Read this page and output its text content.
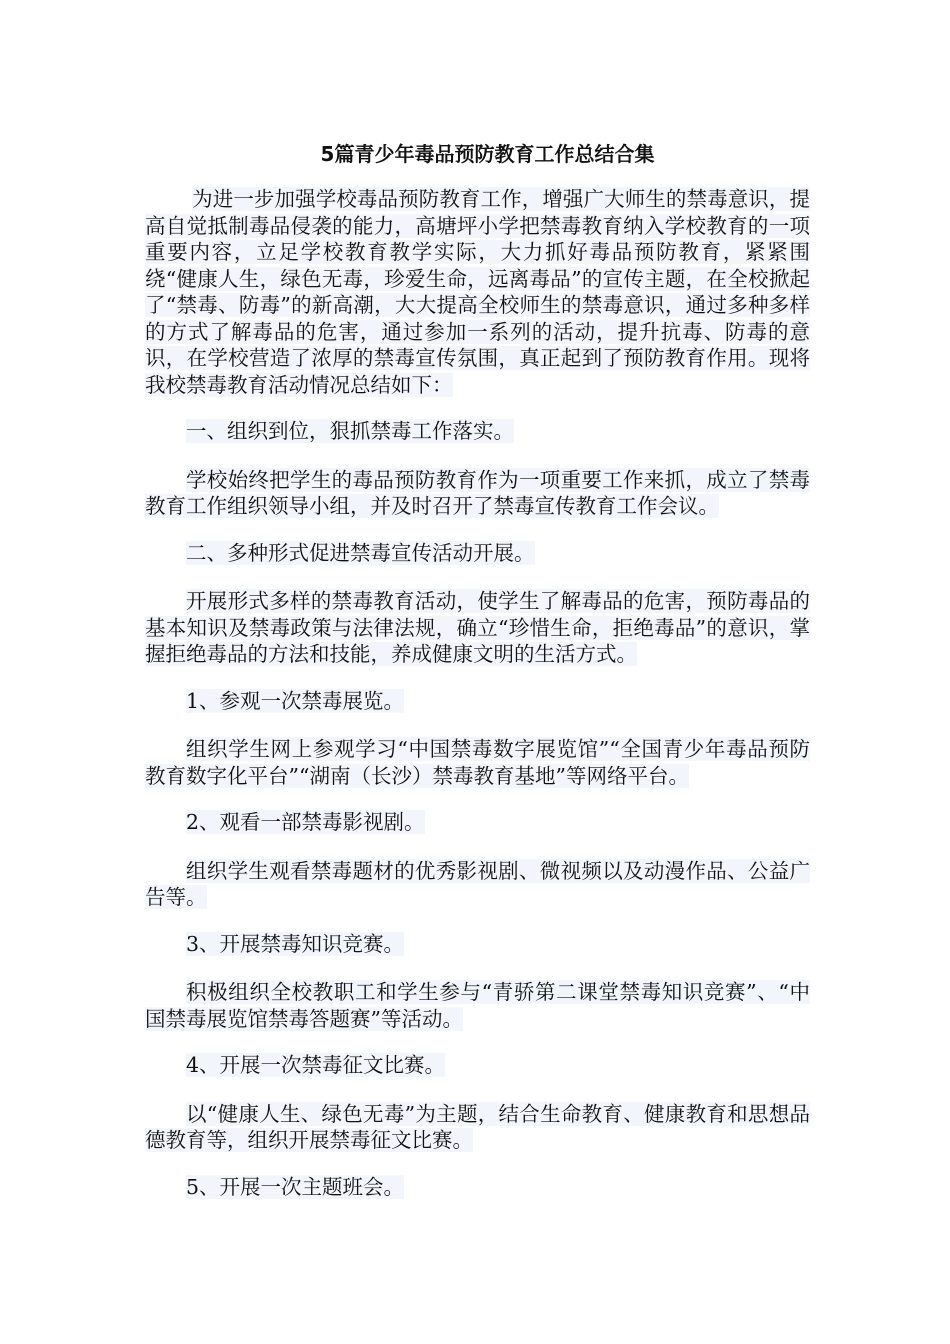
5篇青少年毒品预防教育工作总结合集

为进一步加强学校毒品预防教育工作，增强广大师生的禁毒意识，提高自觉抵制毒品侵袭的能力，高塘坪小学把禁毒教育纳入学校教育的一项重要内容，立足学校教育教学实际，大力抓好毒品预防教育，紧紧围绕“健康人生，绿色无毒，珍爱生命，远离毒品”的宣传主题，在全校掀起了“禁毒、防毒”的新高潮，大大提高全校师生的禁毒意识，通过多种多样的方式了解毒品的危害，通过参加一系列的活动，提升抗毒、防毒的意识，在学校营造了浓厚的禁毒宣传氛围，真正起到了预防教育作用。现将我校禁毒教育活动情况总结如下：

一、组织到位，狠抓禁毒工作落实。

学校始终把学生的毒品预防教育作为一项重要工作来抓，成立了禁毒教育工作组织领导小组，并及时召开了禁毒宣传教育工作会议。

二、多种形式促进禁毒宣传活动开展。

开展形式多样的禁毒教育活动，使学生了解毒品的危害，预防毒品的基本知识及禁毒政策与法律法规，确立“珍惜生命，拒绝毒品”的意识，掌握拒绝毒品的方法和技能，养成健康文明的生活方式。

1、参观一次禁毒展览。

组织学生网上参观学习“中国禁毒数字展览馆”“全国青少年毒品预防教育数字化平台”“湖南（长沙）禁毒教育基地”等网络平台。

2、观看一部禁毒影视剧。

组织学生观看禁毒题材的优秀影视剧、微视频以及动漫作品、公益广告等。

3、开展禁毒知识竞赛。

积极组织全校教职工和学生参与“青骄第二课堂禁毒知识竞赛”、“中国禁毒展览馆禁毒答题赛”等活动。

4、开展一次禁毒征文比赛。

以“健康人生、绿色无毒”为主题，结合生命教育、健康教育和思想品德教育等，组织开展禁毒征文比赛。

5、开展一次主题班会。
